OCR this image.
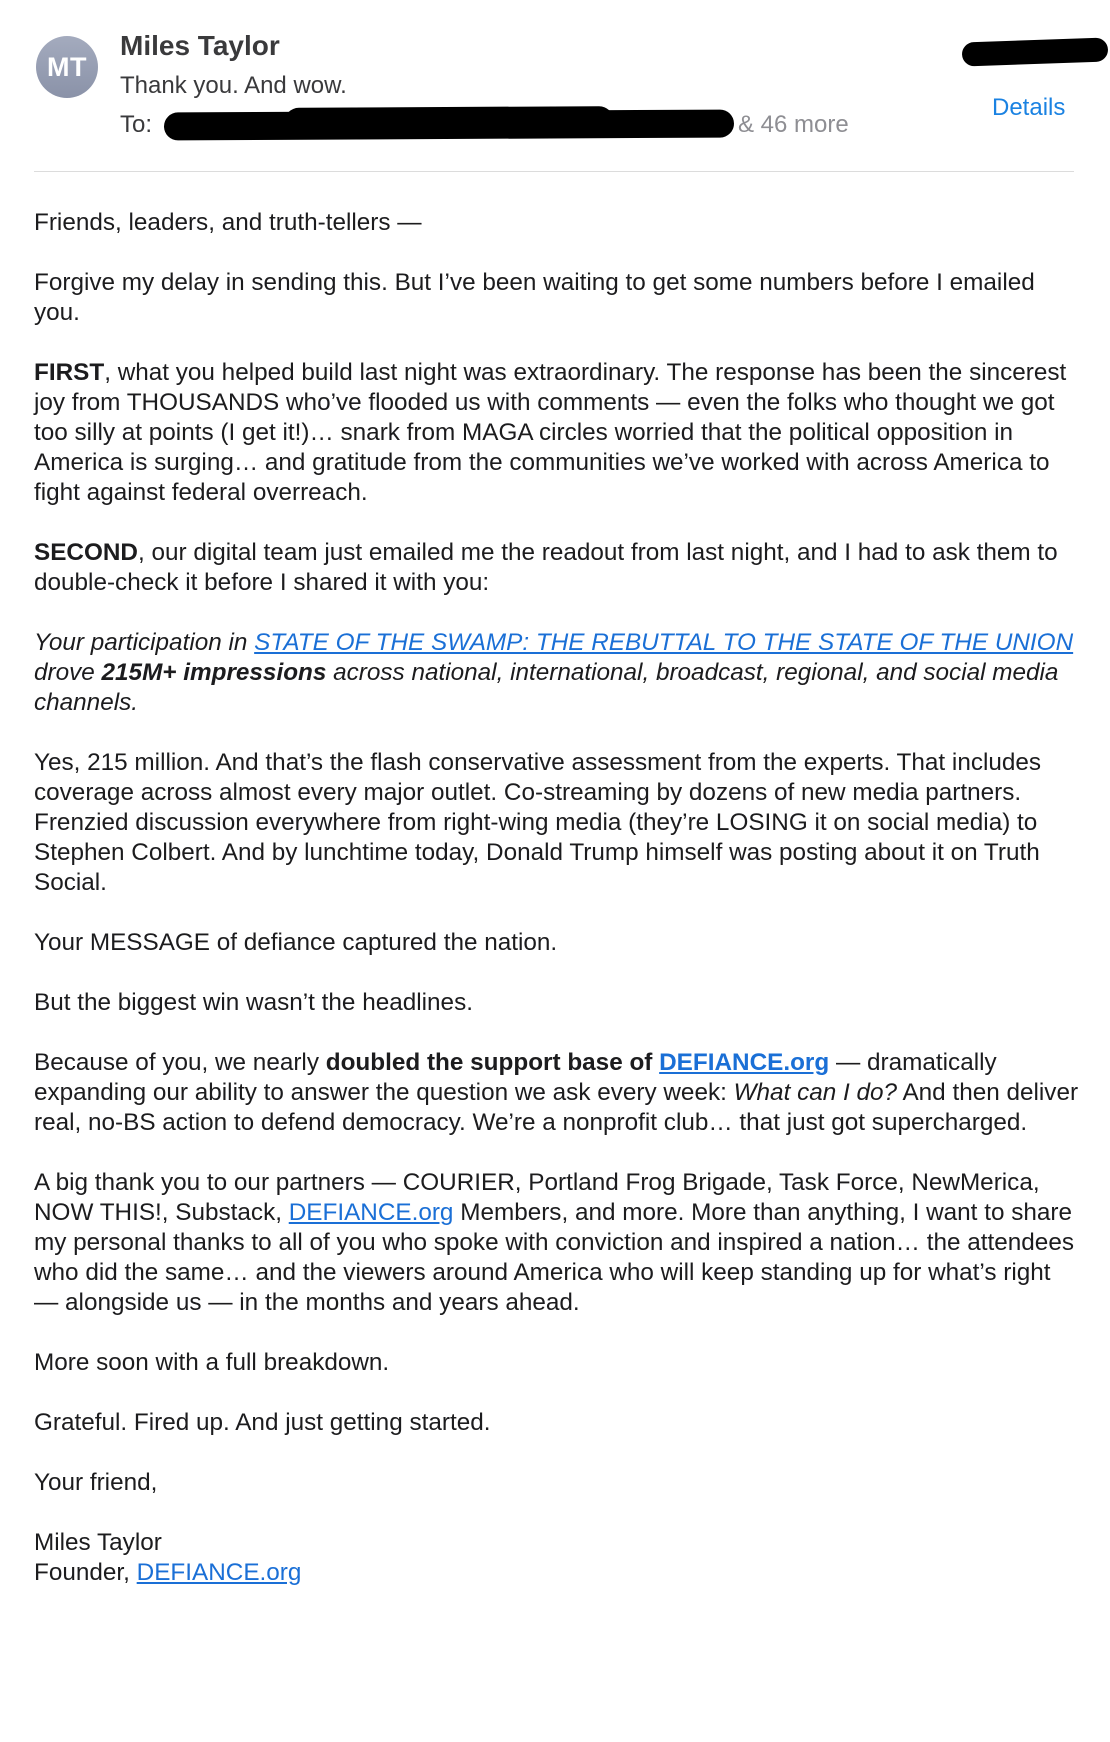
MT
Miles Taylor
Thank you. And wow.
To:	& 46 more
Details

Friends, leaders, and truth-tellers —

Forgive my delay in sending this. But I’ve been waiting to get some numbers before I emailed you.

FIRST, what you helped build last night was extraordinary. The response has been the sincerest joy from THOUSANDS who’ve flooded us with comments — even the folks who thought we got too silly at points (I get it!)… snark from MAGA circles worried that the political opposition in America is surging… and gratitude from the communities we’ve worked with across America to fight against federal overreach.

SECOND, our digital team just emailed me the readout from last night, and I had to ask them to double-check it before I shared it with you:

Your participation in STATE OF THE SWAMP: THE REBUTTAL TO THE STATE OF THE UNION drove 215M+ impressions across national, international, broadcast, regional, and social media channels.

Yes, 215 million. And that’s the flash conservative assessment from the experts. That includes coverage across almost every major outlet. Co-streaming by dozens of new media partners. Frenzied discussion everywhere from right-wing media (they’re LOSING it on social media) to Stephen Colbert. And by lunchtime today, Donald Trump himself was posting about it on Truth Social.

Your MESSAGE of defiance captured the nation.

But the biggest win wasn’t the headlines.

Because of you, we nearly doubled the support base of DEFIANCE.org — dramatically expanding our ability to answer the question we ask every week: What can I do? And then deliver real, no-BS action to defend democracy. We’re a nonprofit club… that just got supercharged.

A big thank you to our partners — COURIER, Portland Frog Brigade, Task Force, NewMerica, NOW THIS!, Substack, DEFIANCE.org Members, and more. More than anything, I want to share my personal thanks to all of you who spoke with conviction and inspired a nation… the attendees who did the same… and the viewers around America who will keep standing up for what’s right — alongside us — in the months and years ahead.

More soon with a full breakdown.

Grateful. Fired up. And just getting started.

Your friend,

Miles Taylor

Founder, DEFIANCE.org
